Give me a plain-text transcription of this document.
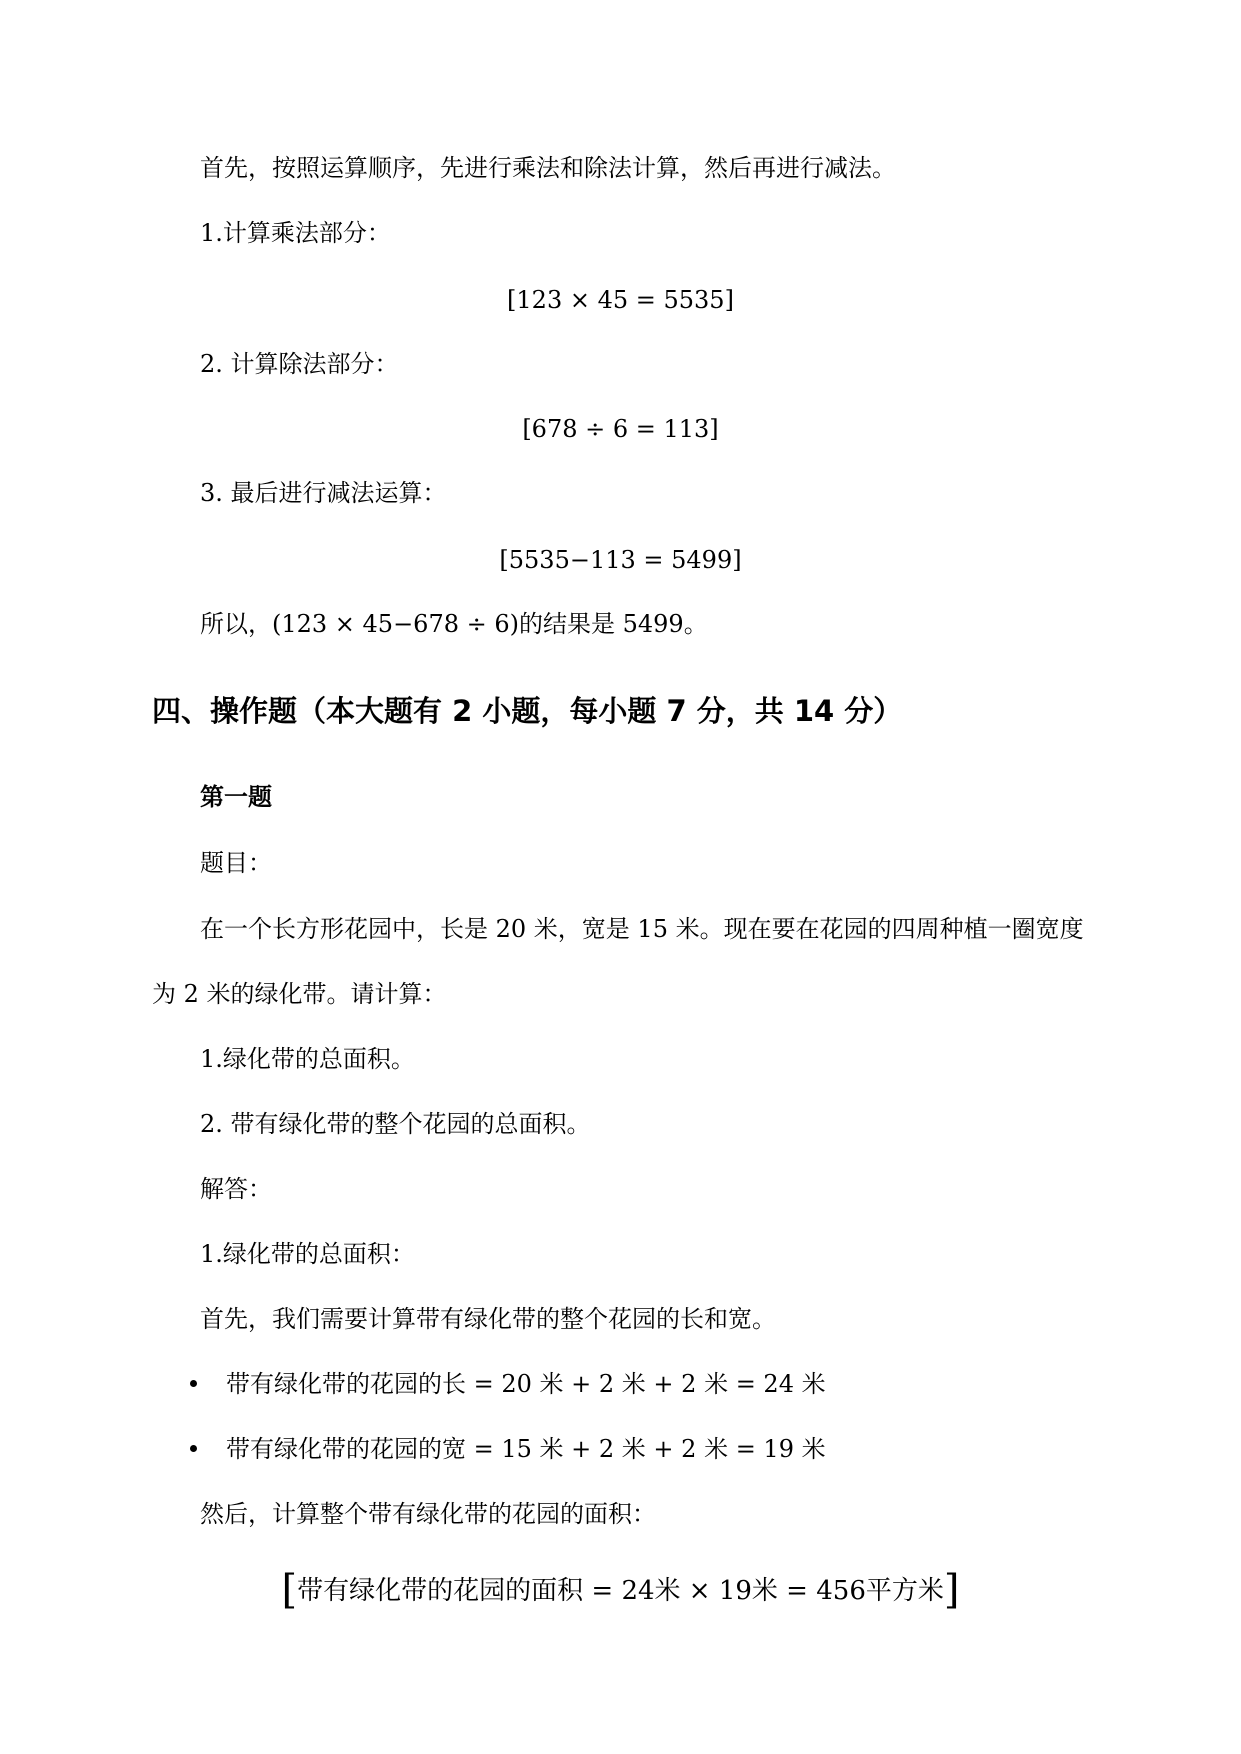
首先，按照运算顺序，先进行乘法和除法计算，然后再进行减法。
1.计算乘法部分：
[123 × 45 = 5535]
2. 计算除法部分：
[678 ÷ 6 = 113]
3. 最后进行减法运算：
[5535−113 = 5499]
所以，(123 × 45−678 ÷ 6)的结果是 5499。
四、操作题（本大题有 2 小题，每小题 7 分，共 14 分）
第一题
题目：
在一个长方形花园中，长是 20 米，宽是 15 米。现在要在花园的四周种植一圈宽度
为 2 米的绿化带。请计算：
1.绿化带的总面积。
2. 带有绿化带的整个花园的总面积。
解答：
1.绿化带的总面积：
首先，我们需要计算带有绿化带的整个花园的长和宽。
带有绿化带的花园的长 = 20 米 + 2 米 + 2 米 = 24 米
带有绿化带的花园的宽 = 15 米 + 2 米 + 2 米 = 19 米
然后，计算整个带有绿化带的花园的面积：
[带有绿化带的花园的面积 = 24米 × 19米 = 456平方米]
